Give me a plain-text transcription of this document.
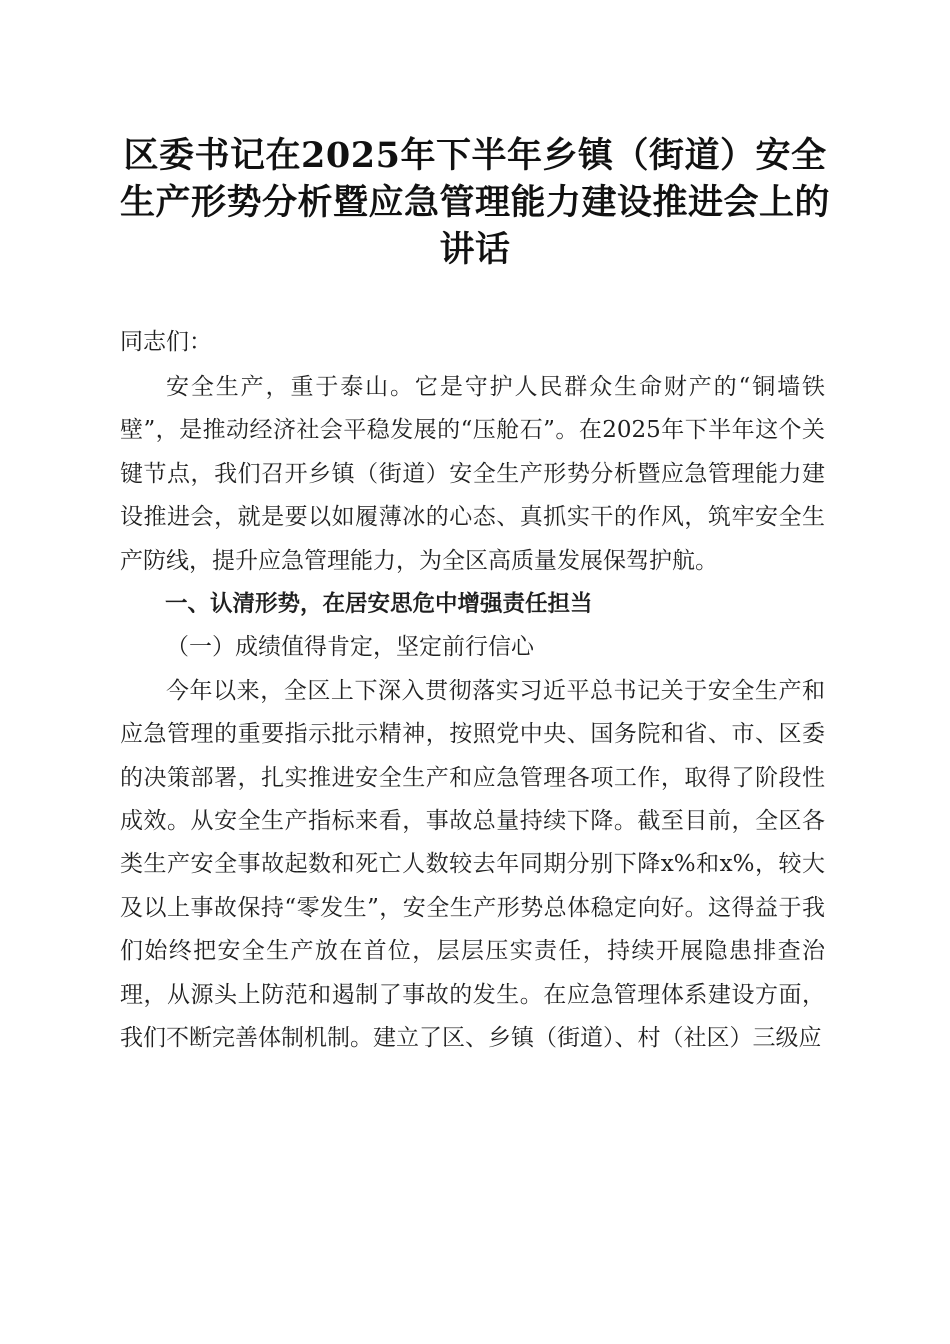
区委书记在2025年下半年乡镇（街道）安全
生产形势分析暨应急管理能力建设推进会上的
讲话

同志们：

安全生产，重于泰山。它是守护人民群众生命财产的“铜墙铁壁”，是推动经济社会平稳发展的“压舱石”。在2025年下半年这个关键节点，我们召开乡镇（街道）安全生产形势分析暨应急管理能力建设推进会，就是要以如履薄冰的心态、真抓实干的作风，筑牢安全生产防线，提升应急管理能力，为全区高质量发展保驾护航。

一、认清形势，在居安思危中增强责任担当

（一）成绩值得肯定，坚定前行信心

今年以来，全区上下深入贯彻落实习近平总书记关于安全生产和应急管理的重要指示批示精神，按照党中央、国务院和省、市、区委的决策部署，扎实推进安全生产和应急管理各项工作，取得了阶段性成效。从安全生产指标来看，事故总量持续下降。截至目前，全区各类生产安全事故起数和死亡人数较去年同期分别下降x%和x%，较大及以上事故保持“零发生”，安全生产形势总体稳定向好。这得益于我们始终把安全生产放在首位，层层压实责任，持续开展隐患排查治理，从源头上防范和遏制了事故的发生。在应急管理体系建设方面，我们不断完善体制机制。建立了区、乡镇（街道）、村（社区）三级应
